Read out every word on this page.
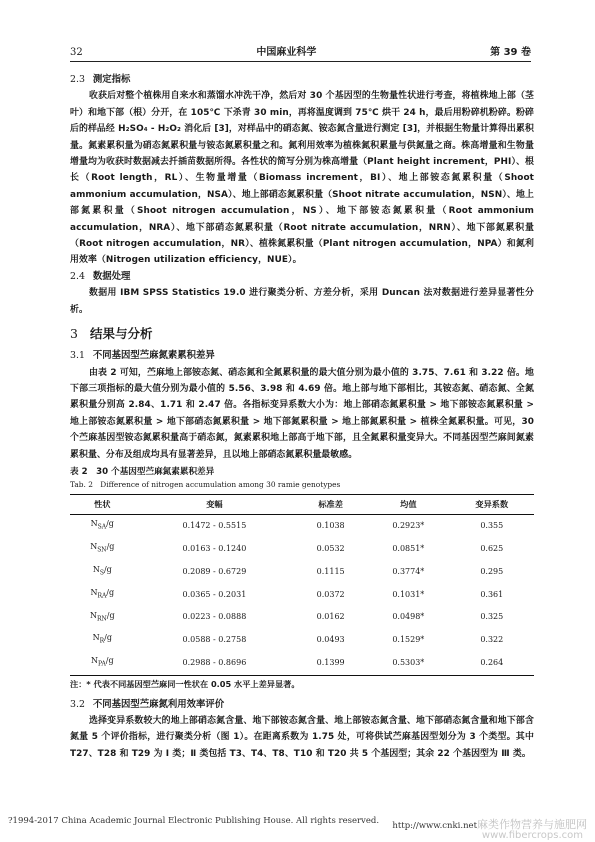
32	中国麻业科学	第 39 卷

2.3 测定指标

收获后对整个植株用自来水和蒸馏水冲洗干净，然后对 30 个基因型的生物量性状进行考查，将植株地上部（茎叶）和地下部（根）分开，在 105℃ 下杀青 30 min，再将温度调到 75℃ 烘干 24 h，最后用粉碎机粉碎。粉碎后的样品经 H₂SO₄ - H₂O₂ 消化后 [3]，对样品中的硝态氮、铵态氮含量进行测定 [3]，并根据生物量计算得出累积量。氮素累积量为硝态氮累积量与铵态氮累积量之和。氮利用效率为植株氮积累量与供氮量之商。株高增量和生物量增量均为收获时数据减去扦插苗数据所得。各性状的简写分别为株高增量（Plant height increment，PHI）、根长（Root length，RL）、生物量增量（Biomass increment，BI）、地上部铵态氮累积量（Shoot ammonium accumulation，NSA）、地上部硝态氮累积量（Shoot nitrate accumulation，NSN）、地上部氮累积量（Shoot nitrogen accumulation，NS）、地下部铵态氮累积量（Root ammonium accumulation，NRA）、地下部硝态氮累积量（Root nitrate accumulation，NRN）、地下部氮累积量（Root nitrogen accumulation，NR）、植株氮累积量（Plant nitrogen accumulation，NPA）和氮利用效率（Nitrogen utilization efficiency，NUE）。

2.4 数据处理

数据用 IBM SPSS Statistics 19.0 进行聚类分析、方差分析，采用 Duncan 法对数据进行差异显著性分析。

3 结果与分析

3.1 不同基因型苎麻氮素累积差异

由表 2 可知，苎麻地上部铵态氮、硝态氮和全氮累积量的最大值分别为最小值的 3.75、7.61 和 3.22 倍。地下部三项指标的最大值分别为最小值的 5.56、3.98 和 4.69 倍。地上部与地下部相比，其铵态氮、硝态氮、全氮累积量分别高 2.84、1.71 和 2.47 倍。各指标变异系数大小为：地上部硝态氮累积量 > 地下部铵态氮累积量 > 地上部铵态氮累积量 > 地下部硝态氮累积量 > 地下部氮累积量 > 地上部氮累积量 > 植株全氮累积量。可见，30 个苎麻基因型铵态氮累积量高于硝态氮，氮素累积地上部高于地下部，且全氮累积量变异大。不同基因型苎麻间氮素累积量、分布及组成均具有显著差异，且以地上部硝态氮累积量最敏感。

表 2　30 个基因型苎麻氮素累积差异

Tab. 2　Difference of nitrogen accumulation among 30 ramie genotypes

性状	变幅	标准差	均值	变异系数
$N_{SA}/g$	0.1472 - 0.5515	0.1038	0.2923*	0.355
$N_{SN}/g$	0.0163 - 0.1240	0.0532	0.0851*	0.625
$N_S/g$	0.2089 - 0.6729	0.1115	0.3774*	0.295
$N_{RA}/g$	0.0365 - 0.2031	0.0372	0.1031*	0.361
$N_{RN}/g$	0.0223 - 0.0888	0.0162	0.0498*	0.325
$N_R/g$	0.0588 - 0.2758	0.0493	0.1529*	0.322
$N_{PA}/g$	0.2988 - 0.8696	0.1399	0.5303*	0.264

注：* 代表不同基因型苎麻同一性状在 0.05 水平上差异显著。

3.2 不同基因型苎麻氮利用效率评价

选择变异系数较大的地上部硝态氮含量、地下部铵态氮含量、地上部铵态氮含量、地下部硝态氮含量和地下部含氮量 5 个评价指标，进行聚类分析（图 1）。在距离系数为 1.75 处，可将供试苎麻基因型划分为 3 个类型。其中 T27、T28 和 T29 为 Ⅰ 类；Ⅱ 类包括 T3、T4、T8、T10 和 T20 共 5 个基因型；其余 22 个基因型为 Ⅲ 类。

?1994-2017 China Academic Journal Electronic Publishing House. All rights reserved. http://www.cnki.net麻类作物营养与施肥网
www.fibercrops.com
